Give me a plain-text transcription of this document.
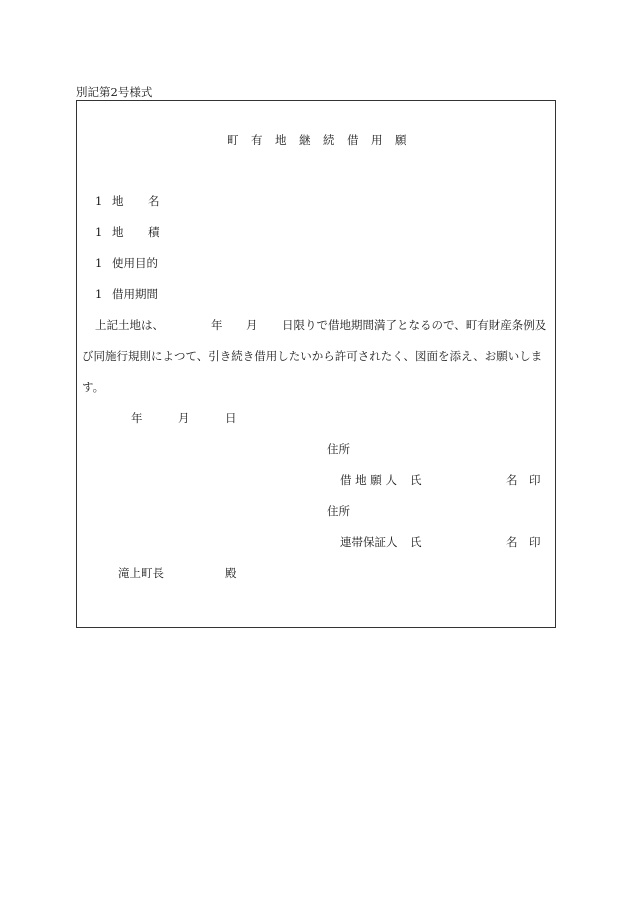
別記第2号様式
町 有 地 継 続 借 用 願
1 地 名
1 地 積
1 使用目的
1 借用期間
上記土地は、	年 月 日限りで借地期間満了となるので、町有財産条例及
び同施行規則によつて、引き続き借用したいから許可されたく、図面を添え、お願いしま
す。
年	月	日
住所
借 地 願 人 氏	名 印
住所
連帯保証人 氏	名 印
滝上町長	殿
